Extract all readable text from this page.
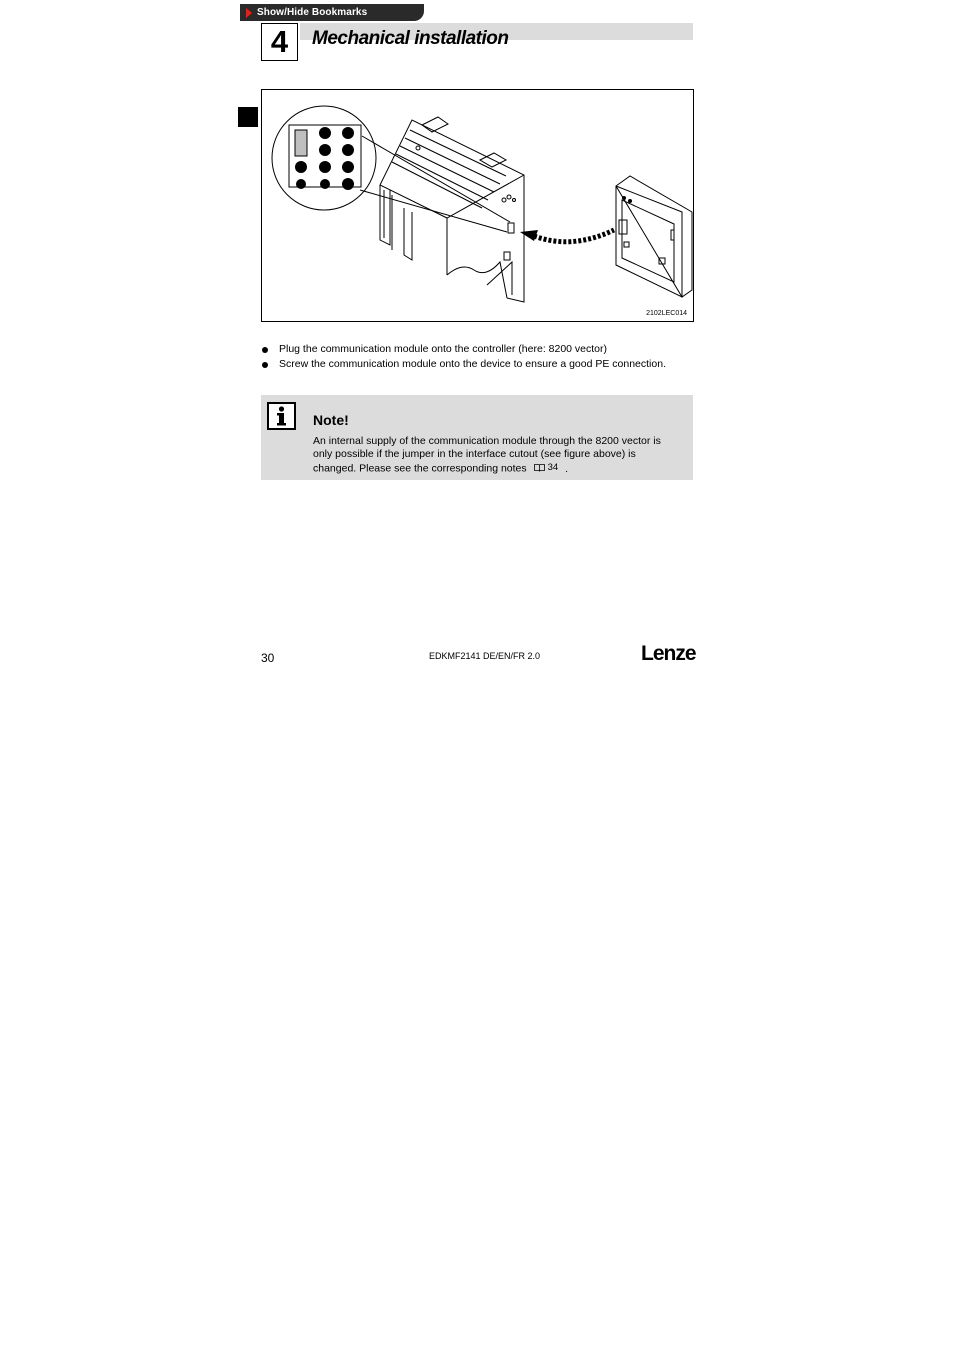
Show/Hide Bookmarks
4	Mechanical installation
2102LEC014
Plug the communication module onto the controller (here: 8200 vector)
Screw the communication module onto the device to ensure a good PE connection.
Note!
An internal supply of the communication module through the 8200 vector is only possible if the jumper in the interface cutout (see figure above) is changed. Please see the corresponding notes 34 .
30	EDKMF2141 DE/EN/FR 2.0	Lenze
